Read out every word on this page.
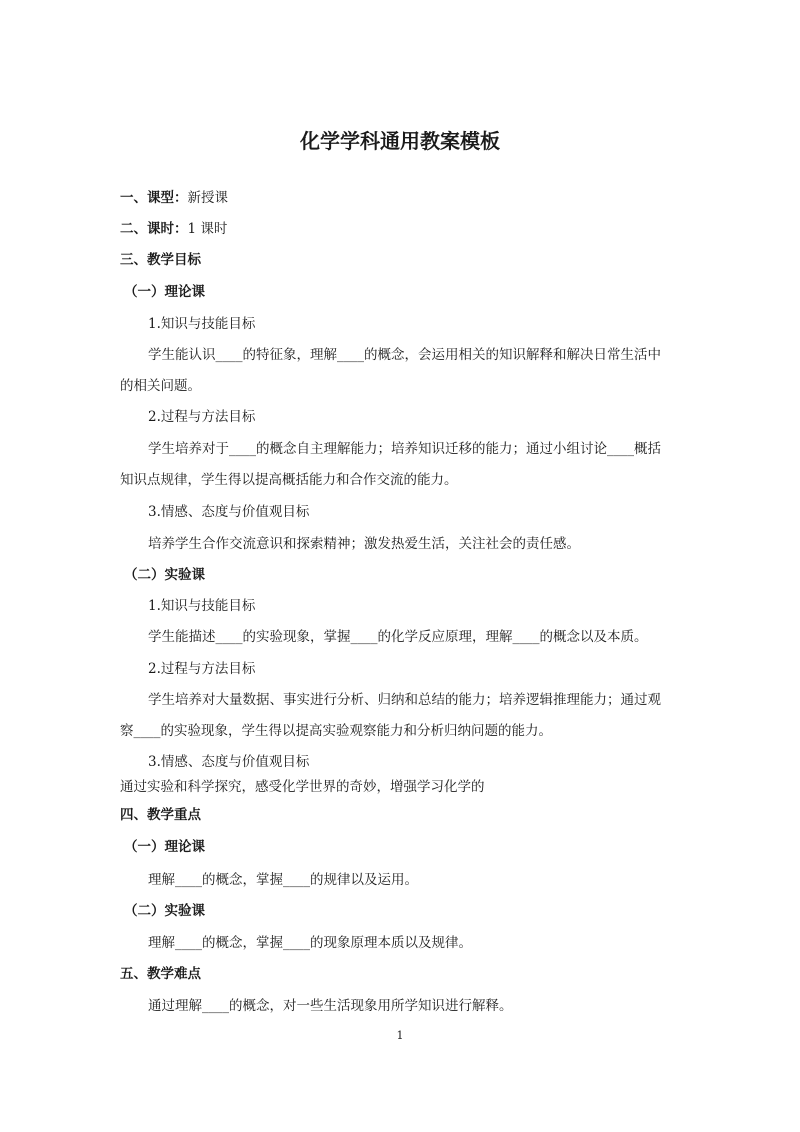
化学学科通用教案模板
一、课型：新授课
二、课时：1 课时
三、教学目标
（一）理论课
1.知识与技能目标
学生能认识____的特征象，理解____的概念，会运用相关的知识解释和解决日常生活中
的相关问题。
2.过程与方法目标
学生培养对于____的概念自主理解能力；培养知识迁移的能力；通过小组讨论____概括
知识点规律，学生得以提高概括能力和合作交流的能力。
3.情感、态度与价值观目标
培养学生合作交流意识和探索精神；激发热爱生活，关注社会的责任感。
（二）实验课
1.知识与技能目标
学生能描述____的实验现象，掌握____的化学反应原理，理解____的概念以及本质。
2.过程与方法目标
学生培养对大量数据、事实进行分析、归纳和总结的能力；培养逻辑推理能力；通过观
察____的实验现象，学生得以提高实验观察能力和分析归纳问题的能力。
3.情感、态度与价值观目标
通过实验和科学探究，感受化学世界的奇妙，增强学习化学的
四、教学重点
（一）理论课
理解____的概念，掌握____的规律以及运用。
（二）实验课
理解____的概念，掌握____的现象原理本质以及规律。
五、教学难点
通过理解____的概念，对一些生活现象用所学知识进行解释。
1
